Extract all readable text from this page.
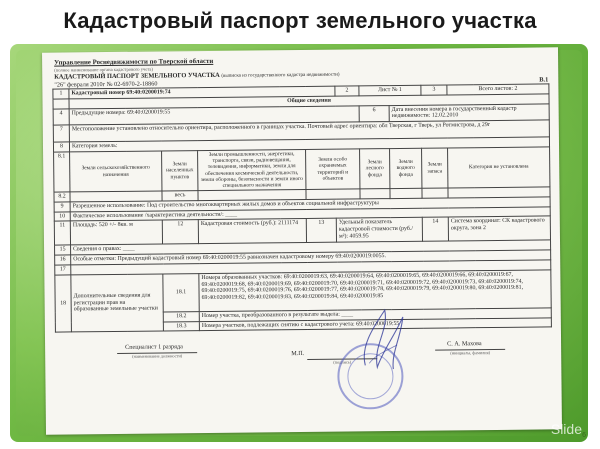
Кадастровый паспорт земельного участка
Управление Роснедвижимости по Тверской области
(полное наименование органа кадастрового учета)
КАДАСТРОВЫЙ ПАСПОРТ ЗЕМЕЛЬНОГО УЧАСТКА (выписка из государственного кадастра недвижимости)
"26" февраля 2010г № 02-6970-2-18860
В.1
1	Кадастровый номер 69:40:0200019:74				2	Лист № 1		3	Всего листов: 2
	Общие сведения								
4	Предыдущие номера: 69:40:0200019:55					6	Дата внесения номера в государственный кадастр недвижимости: 12.02.2010		
7	Местоположение установлено относительно ориентира, расположенного в границах участка. Почтовый адрес ориентира: обл Тверская, г Тверь, ул Ротмистрова, д 29г								
8	Категория земель:								
8.1	Земли сельскохозяйственного назначения	Земли населенных пунктов	Земли промышленности, энергетики, транспорта, связи, радиовещания, телевидения, информатики, земли для обеспечения космической деятельности, земли обороны, безопасности и земли иного специального назначения	Земли особо охраняемых территорий и объектов		Земли лесного фонда	Земли водного фонда	Земли запаса	Категория не установлена
8.2		весь							
9	Разрешенное использование: Под строительство многоквартирных жилых домов и объектов социальной инфраструктуры								
10	Фактическое использование /характеристика деятельности/: ____								
11	Площадь: 520 +/- 8кв. м	12	Кадастровая стоимость (руб.): 2111174	13	Удельный показатель кадастровой стоимости (руб./м²): 4059.95			14	Система координат: СК кадастрового округа, зона 2
15	Сведения о правах: ____								
16	Особые отметки: Предыдущий кадастровый номер 69:40:0200019:55 равнозначен кадастровому номеру 69:40:0200019:0055.								
17									
18	Дополнительные сведения для регистрации прав на образованные земельные участки	18.1	Номера образованных участков: 69:40:0200019:63, 69:40:0200019:64, 69:40:0200019:65, 69:40:0200019:66, 69:40:0200019:67, 69:40:0200019:68, 69:40:0200019:69, 69:40:0200019:70, 69:40:0200019:71, 69:40:0200019:72, 69:40:0200019:73, 69:40:0200019:74, 69:40:0200019:75, 69:40:0200019:76, 69:40:0200019:77, 69:40:0200019:78, 69:40:0200019:79, 69:40:0200019:80, 69:40:0200019:81, 69:40:0200019:82, 69:40:0200019:83, 69:40:0200019:84, 69:40:0200019:85						
		18.2	Номер участка, преобразованного в результате выдела: ____						
		18.3	Номера участков, подлежащих снятию с кадастрового учета: 69:40:0200019:55						
Специалист 1 разряда
(наименование должности)	М.П.
(подпись)
С. А. Махова
(инициалы, фамилия)
Slide 6
